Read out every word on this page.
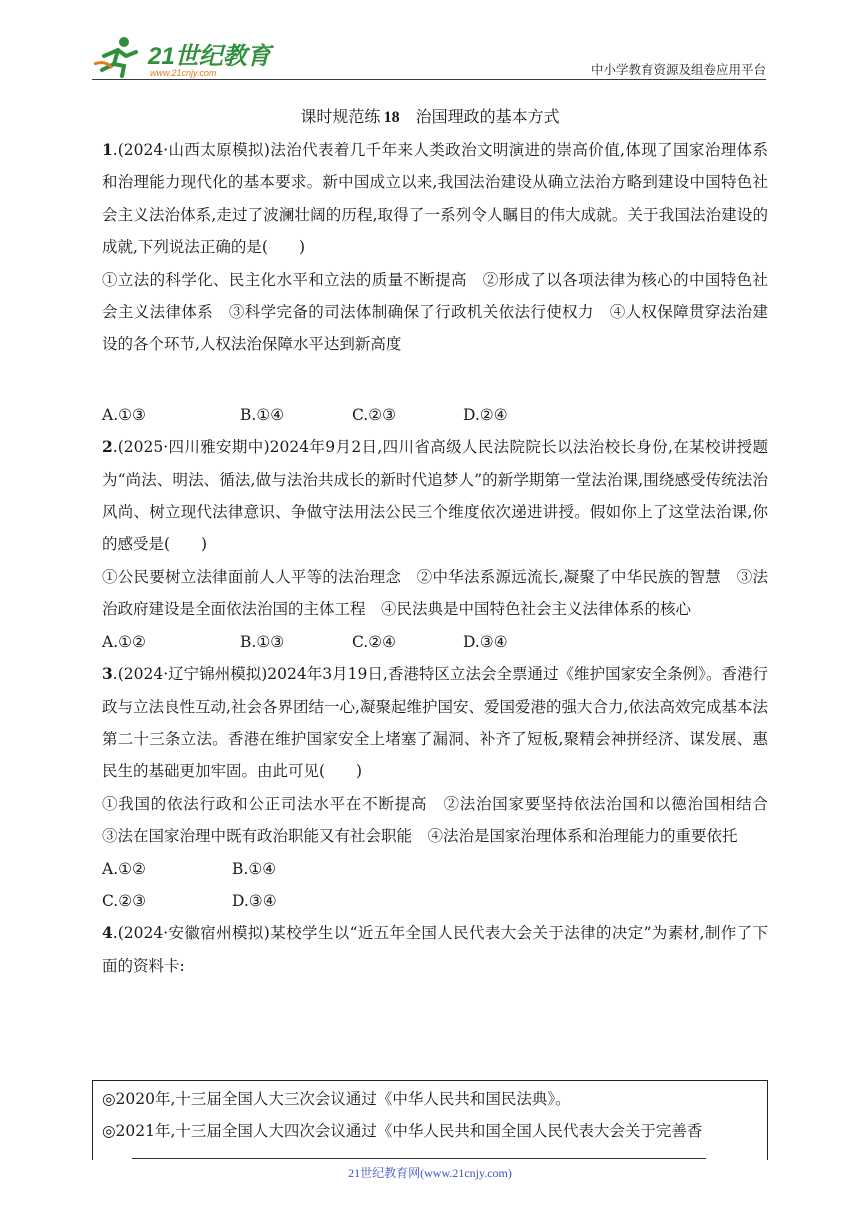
21世纪教育
www.21cnjy.com	中小学教育资源及组卷应用平台
课时规范练  18　 治国理政的基本方式

1.(2024·山西太原模拟)法治代表着几千年来人类政治文明演进的崇高价值,体现了国家治理体系和治理能力现代化的基本要求。新中国成立以来,我国法治建设从确立法治方略到建设中国特色社会主义法治体系,走过了波澜壮阔的历程,取得了一系列令人瞩目的伟大成就。关于我国法治建设的成就,下列说法正确的是(　　)

①立法的科学化、民主化水平和立法的质量不断提高　②形成了以各项法律为核心的中国特色社会主义法律体系　③科学完备的司法体制确保了行政机关依法行使权力　④人权保障贯穿法治建设的各个环节,人权法治保障水平达到新高度

A.①③	B.①④	C.②③	D.②④

2.(2025·四川雅安期中)2024年9月2日,四川省高级人民法院院长以法治校长身份,在某校讲授题为“尚法、明法、循法,做与法治共成长的新时代追梦人”的新学期第一堂法治课,围绕感受传统法治风尚、树立现代法律意识、争做守法用法公民三个维度依次递进讲授。假如你上了这堂法治课,你的感受是(　　)

①公民要树立法律面前人人平等的法治理念　②中华法系源远流长,凝聚了中华民族的智慧　③法治政府建设是全面依法治国的主体工程　④民法典是中国特色社会主义法律体系的核心

A.①②	B.①③	C.②④	D.③④

3.(2024·辽宁锦州模拟)2024年3月19日,香港特区立法会全票通过《维护国家安全条例》。香港行政与立法良性互动,社会各界团结一心,凝聚起维护国安、爱国爱港的强大合力,依法高效完成基本法第二十三条立法。香港在维护国家安全上堵塞了漏洞、补齐了短板,聚精会神拼经济、谋发展、惠民生的基础更加牢固。由此可见(　　)

①我国的依法行政和公正司法水平在不断提高　②法治国家要坚持依法治国和以德治国相结合　③法在国家治理中既有政治职能又有社会职能　④法治是国家治理体系和治理能力的重要依托

A.①②	B.①④
C.②③	D.③④

4.(2024·安徽宿州模拟)某校学生以“近五年全国人民代表大会关于法律的决定”为素材,制作了下面的资料卡:

◎2020年,十三届全国人大三次会议通过《中华人民共和国民法典》。
◎2021年,十三届全国人大四次会议通过《中华人民共和国全国人民代表大会关于完善香
21世纪教育网(www.21cnjy.com)
